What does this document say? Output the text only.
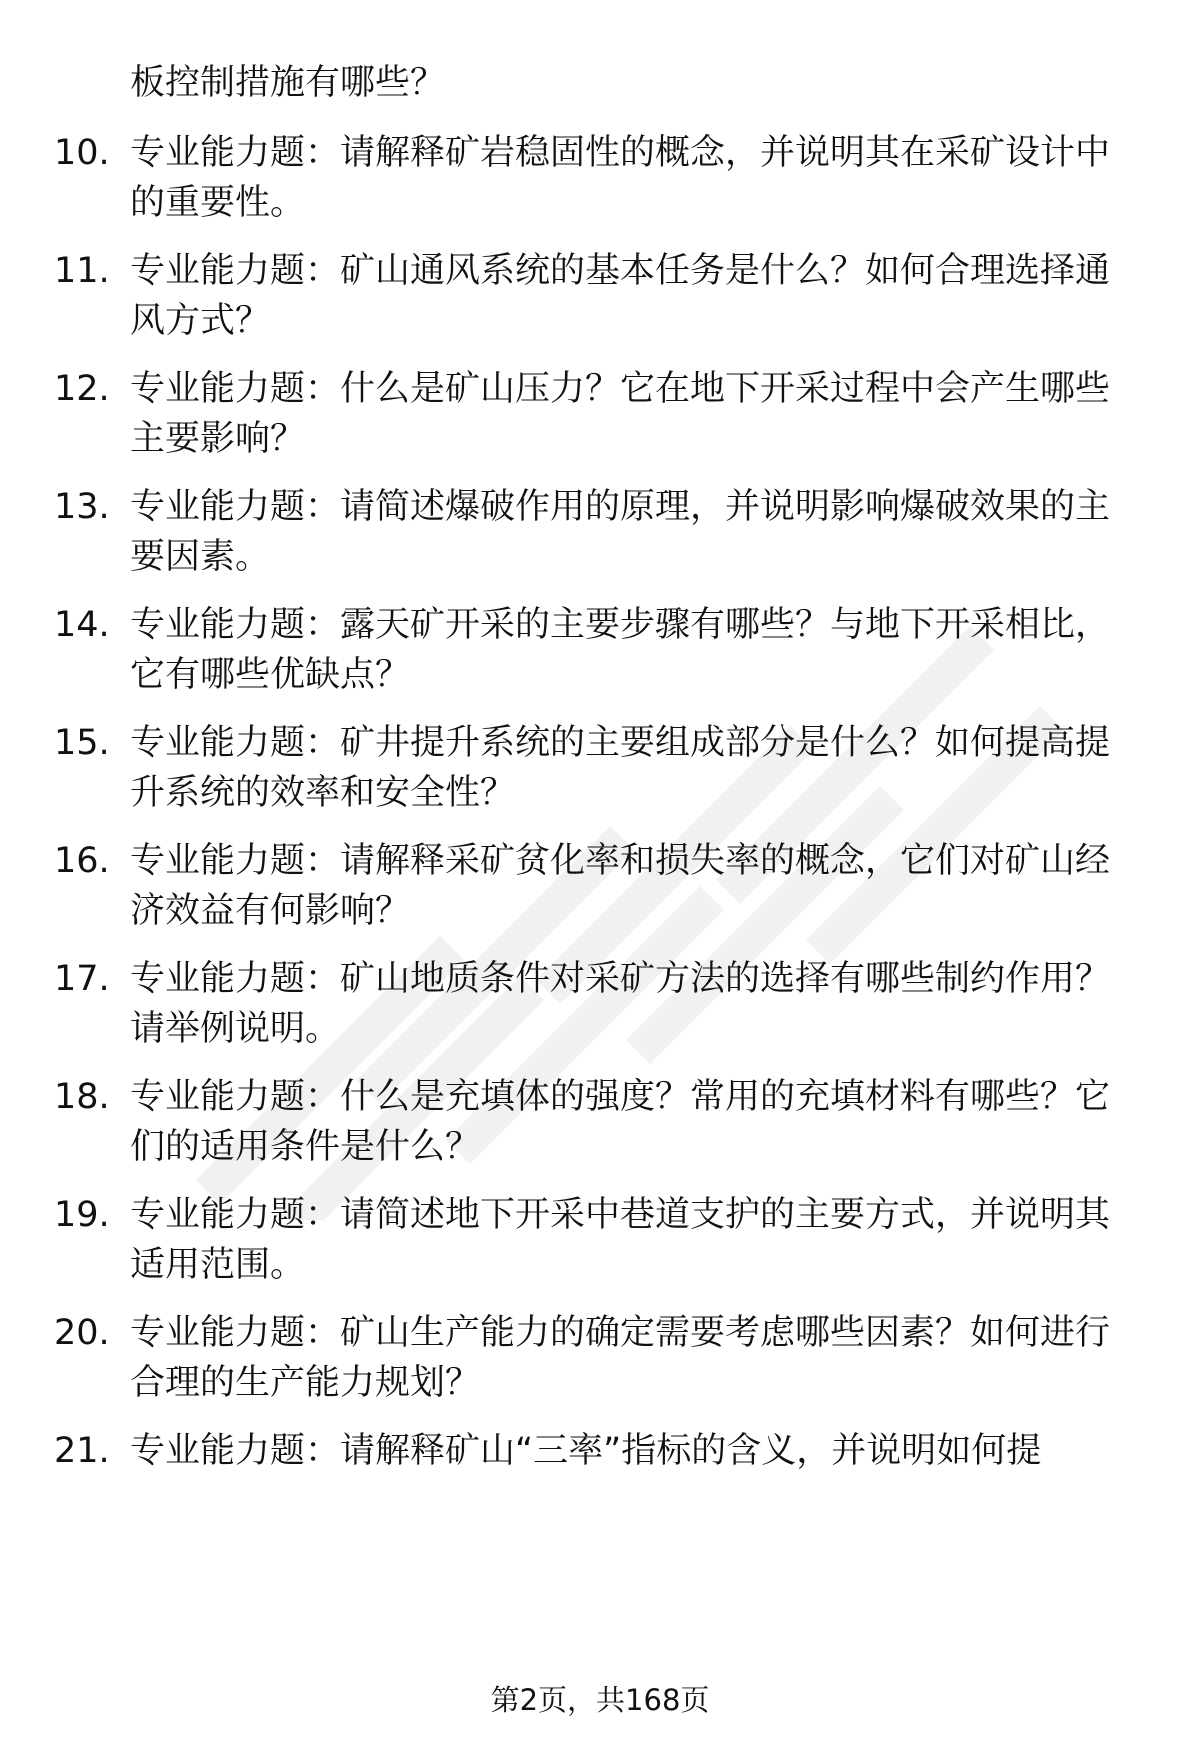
板控制措施有哪些？
10. 专业能力题：请解释矿岩稳固性的概念，并说明其在采矿设计中
的重要性。
11. 专业能力题：矿山通风系统的基本任务是什么？如何合理选择通
风方式？
12. 专业能力题：什么是矿山压力？它在地下开采过程中会产生哪些
主要影响？
13. 专业能力题：请简述爆破作用的原理，并说明影响爆破效果的主
要因素。
14. 专业能力题：露天矿开采的主要步骤有哪些？与地下开采相比，
它有哪些优缺点？
15. 专业能力题：矿井提升系统的主要组成部分是什么？如何提高提
升系统的效率和安全性？
16. 专业能力题：请解释采矿贫化率和损失率的概念，它们对矿山经
济效益有何影响？
17. 专业能力题：矿山地质条件对采矿方法的选择有哪些制约作用？
请举例说明。
18. 专业能力题：什么是充填体的强度？常用的充填材料有哪些？它
们的适用条件是什么？
19. 专业能力题：请简述地下开采中巷道支护的主要方式，并说明其
适用范围。
20. 专业能力题：矿山生产能力的确定需要考虑哪些因素？如何进行
合理的生产能力规划？
21. 专业能力题：请解释矿山“三率”指标的含义，并说明如何提
第2页，共168页
